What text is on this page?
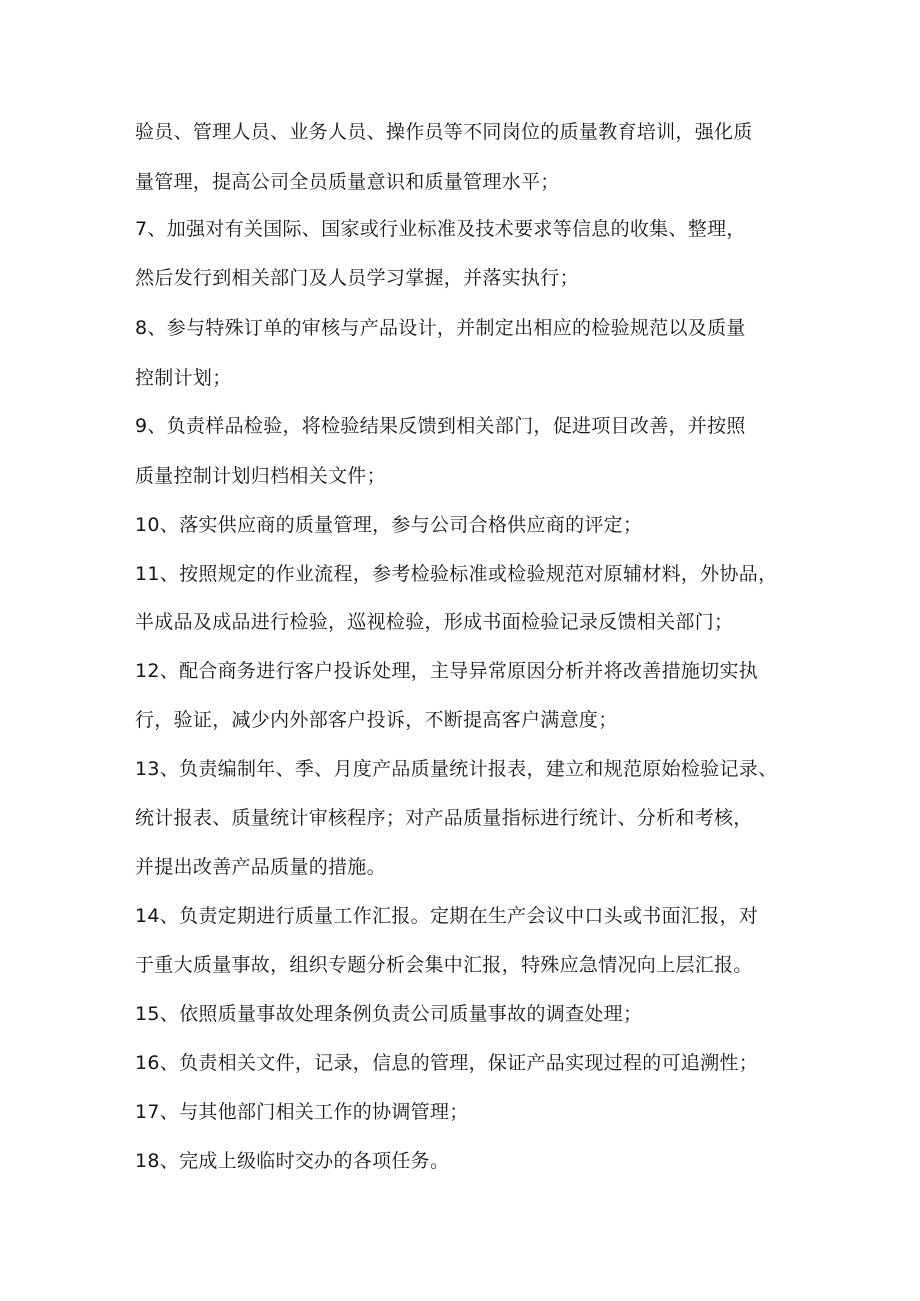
验员、管理人员、业务人员、操作员等不同岗位的质量教育培训，强化质
量管理，提高公司全员质量意识和质量管理水平；
7、加强对有关国际、国家或行业标准及技术要求等信息的收集、整理，
然后发行到相关部门及人员学习掌握，并落实执行；
8、参与特殊订单的审核与产品设计，并制定出相应的检验规范以及质量
控制计划；
9、负责样品检验，将检验结果反馈到相关部门，促进项目改善，并按照
质量控制计划归档相关文件；
10、落实供应商的质量管理，参与公司合格供应商的评定；
11、按照规定的作业流程，参考检验标准或检验规范对原辅材料，外协品，
半成品及成品进行检验，巡视检验，形成书面检验记录反馈相关部门；
12、配合商务进行客户投诉处理，主导异常原因分析并将改善措施切实执
行，验证，减少内外部客户投诉，不断提高客户满意度；
13、负责编制年、季、月度产品质量统计报表，建立和规范原始检验记录、
统计报表、质量统计审核程序；对产品质量指标进行统计、分析和考核，
并提出改善产品质量的措施。
14、负责定期进行质量工作汇报。定期在生产会议中口头或书面汇报，对
于重大质量事故，组织专题分析会集中汇报，特殊应急情况向上层汇报。
15、依照质量事故处理条例负责公司质量事故的调查处理；
16、负责相关文件，记录，信息的管理，保证产品实现过程的可追溯性；
17、与其他部门相关工作的协调管理；
18、完成上级临时交办的各项任务。
